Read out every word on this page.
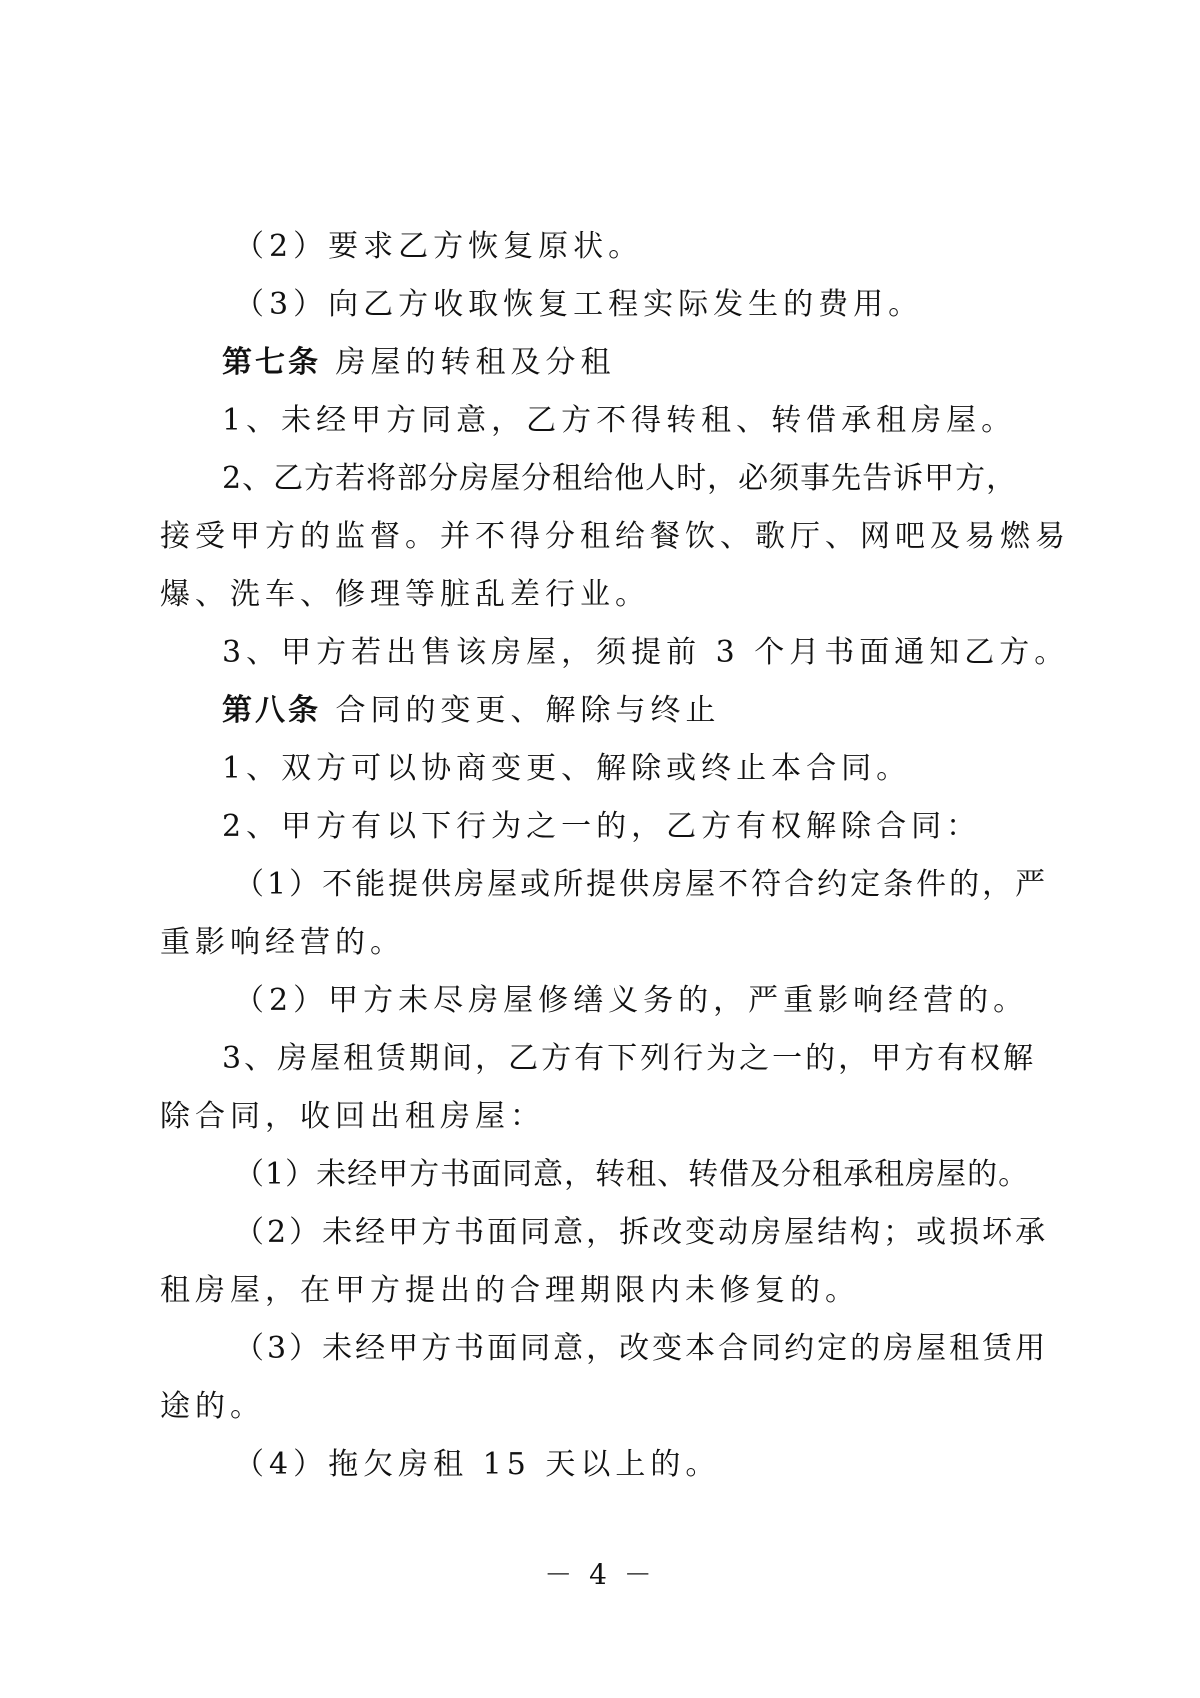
（2）要求乙方恢复原状。
（3）向乙方收取恢复工程实际发生的费用。
第七条 房屋的转租及分租
1、未经甲方同意，乙方不得转租、转借承租房屋。
2、乙方若将部分房屋分租给他人时，必须事先告诉甲方，
接受甲方的监督。并不得分租给餐饮、歌厅、网吧及易燃易
爆、洗车、修理等脏乱差行业。
3、甲方若出售该房屋，须提前 3 个月书面通知乙方。
第八条 合同的变更、解除与终止
1、双方可以协商变更、解除或终止本合同。
2、甲方有以下行为之一的，乙方有权解除合同：
（1）不能提供房屋或所提供房屋不符合约定条件的，严
重影响经营的。
（2）甲方未尽房屋修缮义务的，严重影响经营的。
3、房屋租赁期间，乙方有下列行为之一的，甲方有权解
除合同，收回出租房屋：
（1）未经甲方书面同意，转租、转借及分租承租房屋的。
（2）未经甲方书面同意，拆改变动房屋结构；或损坏承
租房屋，在甲方提出的合理期限内未修复的。
（3）未经甲方书面同意，改变本合同约定的房屋租赁用
途的。
（4）拖欠房租 15 天以上的。
－ 4 －
